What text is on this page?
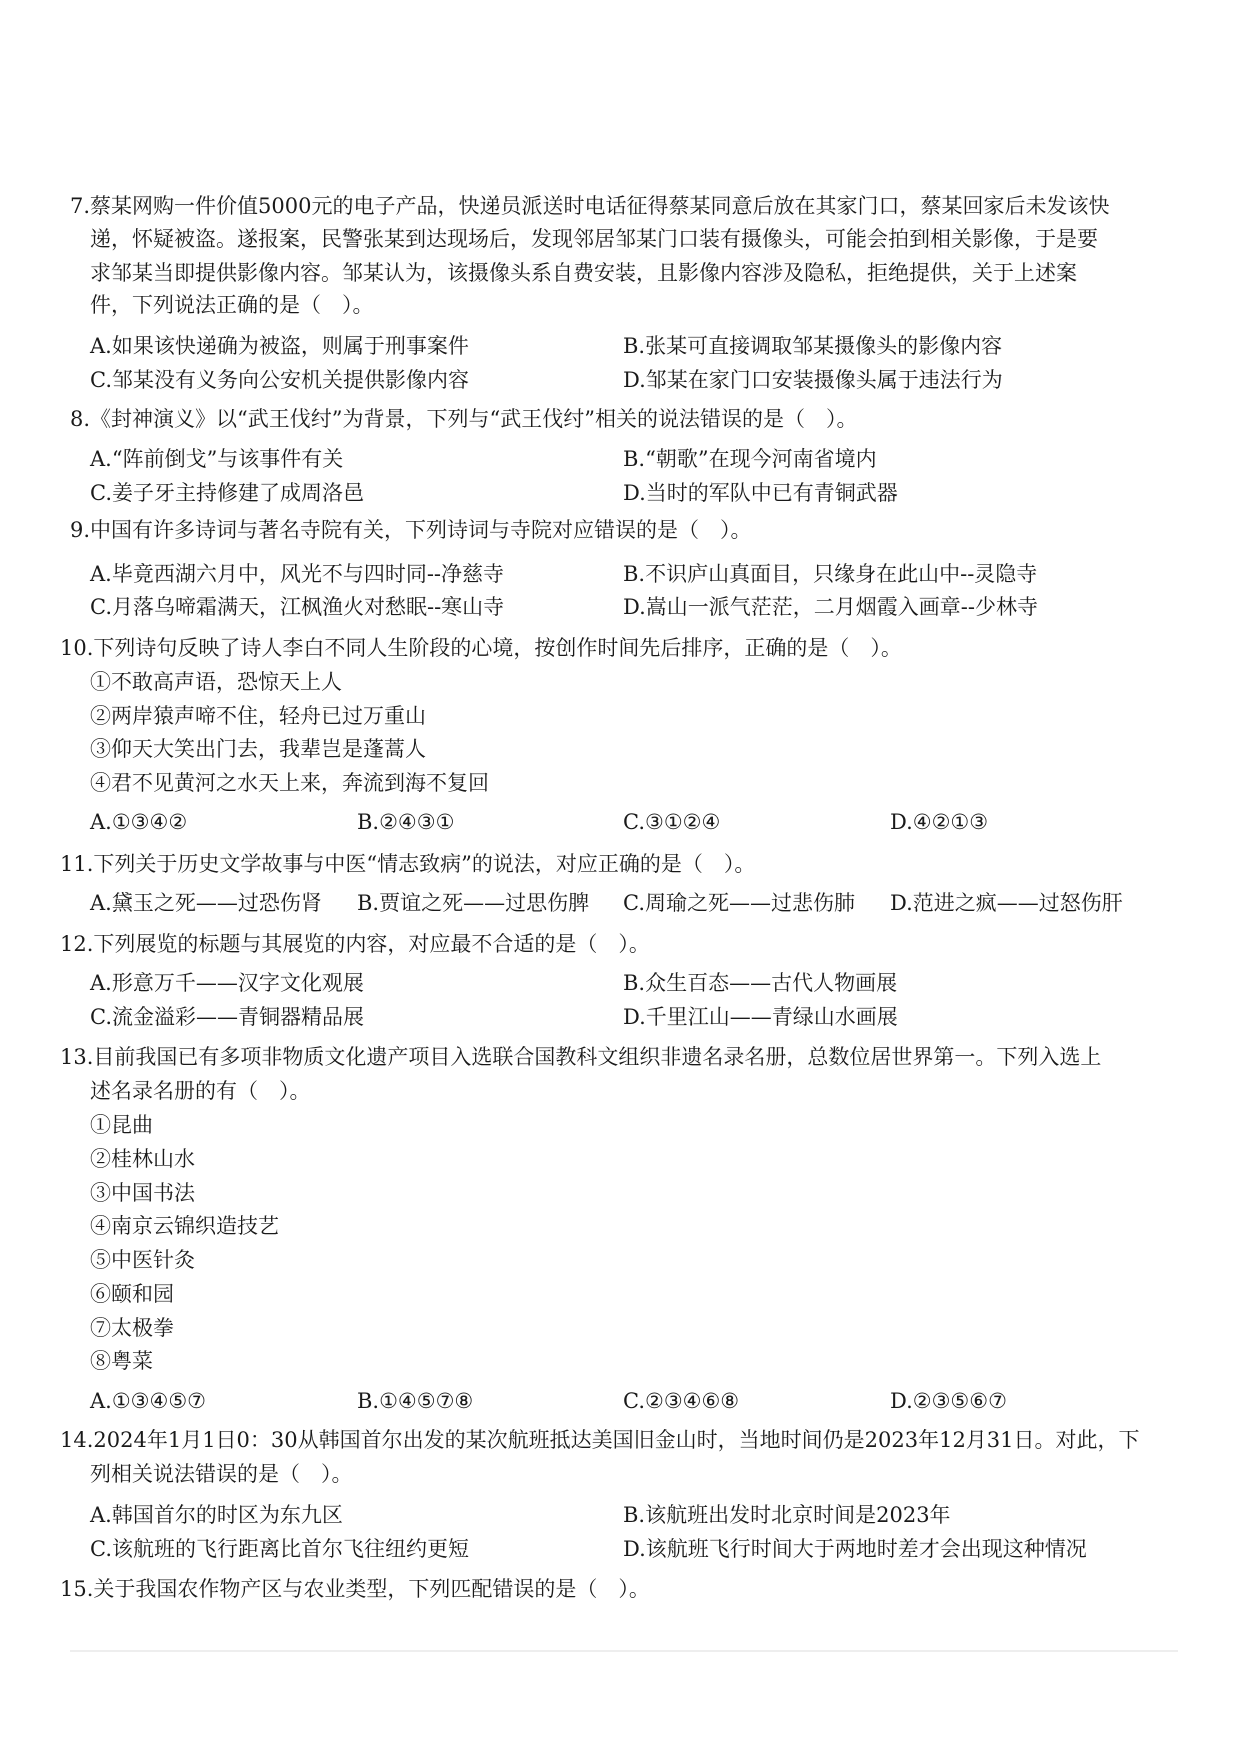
7.蔡某网购一件价值5000元的电子产品，快递员派送时电话征得蔡某同意后放在其家门口，蔡某回家后未发该快
递，怀疑被盗。遂报案，民警张某到达现场后，发现邻居邹某门口装有摄像头，可能会拍到相关影像，于是要
求邹某当即提供影像内容。邹某认为，该摄像头系自费安装，且影像内容涉及隐私，拒绝提供，关于上述案
件，下列说法正确的是（　）。
A.如果该快递确为被盗，则属于刑事案件	B.张某可直接调取邹某摄像头的影像内容
C.邹某没有义务向公安机关提供影像内容	D.邹某在家门口安装摄像头属于违法行为
8.《封神演义》以“武王伐纣”为背景，下列与“武王伐纣”相关的说法错误的是（　）。
A.“阵前倒戈”与该事件有关	B.“朝歌”在现今河南省境内
C.姜子牙主持修建了成周洛邑	D.当时的军队中已有青铜武器
9.中国有许多诗词与著名寺院有关，下列诗词与寺院对应错误的是（　）。
A.毕竟西湖六月中，风光不与四时同--净慈寺	B.不识庐山真面目，只缘身在此山中--灵隐寺
C.月落乌啼霜满天，江枫渔火对愁眠--寒山寺	D.嵩山一派气茫茫，二月烟霞入画章--少林寺
10.下列诗句反映了诗人李白不同人生阶段的心境，按创作时间先后排序，正确的是（　）。
①不敢高声语，恐惊天上人
②两岸猿声啼不住，轻舟已过万重山
③仰天大笑出门去，我辈岂是蓬蒿人
④君不见黄河之水天上来，奔流到海不复回
A.①③④②	B.②④③①	C.③①②④	D.④②①③
11.下列关于历史文学故事与中医“情志致病”的说法，对应正确的是（　）。
A.黛玉之死——过恐伤肾 B.贾谊之死——过思伤脾 C.周瑜之死——过悲伤肺 D.范进之疯——过怒伤肝
12.下列展览的标题与其展览的内容，对应最不合适的是（　）。
A.形意万千——汉字文化观展	B.众生百态——古代人物画展
C.流金溢彩——青铜器精品展	D.千里江山——青绿山水画展
13.目前我国已有多项非物质文化遗产项目入选联合国教科文组织非遗名录名册，总数位居世界第一。下列入选上
述名录名册的有（　）。
①昆曲
②桂林山水
③中国书法
④南京云锦织造技艺
⑤中医针灸
⑥颐和园
⑦太极拳
⑧粤菜
A.①③④⑤⑦	B.①④⑤⑦⑧	C.②③④⑥⑧	D.②③⑤⑥⑦
14.2024年1月1日0：30从韩国首尔出发的某次航班抵达美国旧金山时，当地时间仍是2023年12月31日。对此，下
列相关说法错误的是（　）。
A.韩国首尔的时区为东九区	B.该航班出发时北京时间是2023年
C.该航班的飞行距离比首尔飞往纽约更短	D.该航班飞行时间大于两地时差才会出现这种情况
15.关于我国农作物产区与农业类型，下列匹配错误的是（　）。
